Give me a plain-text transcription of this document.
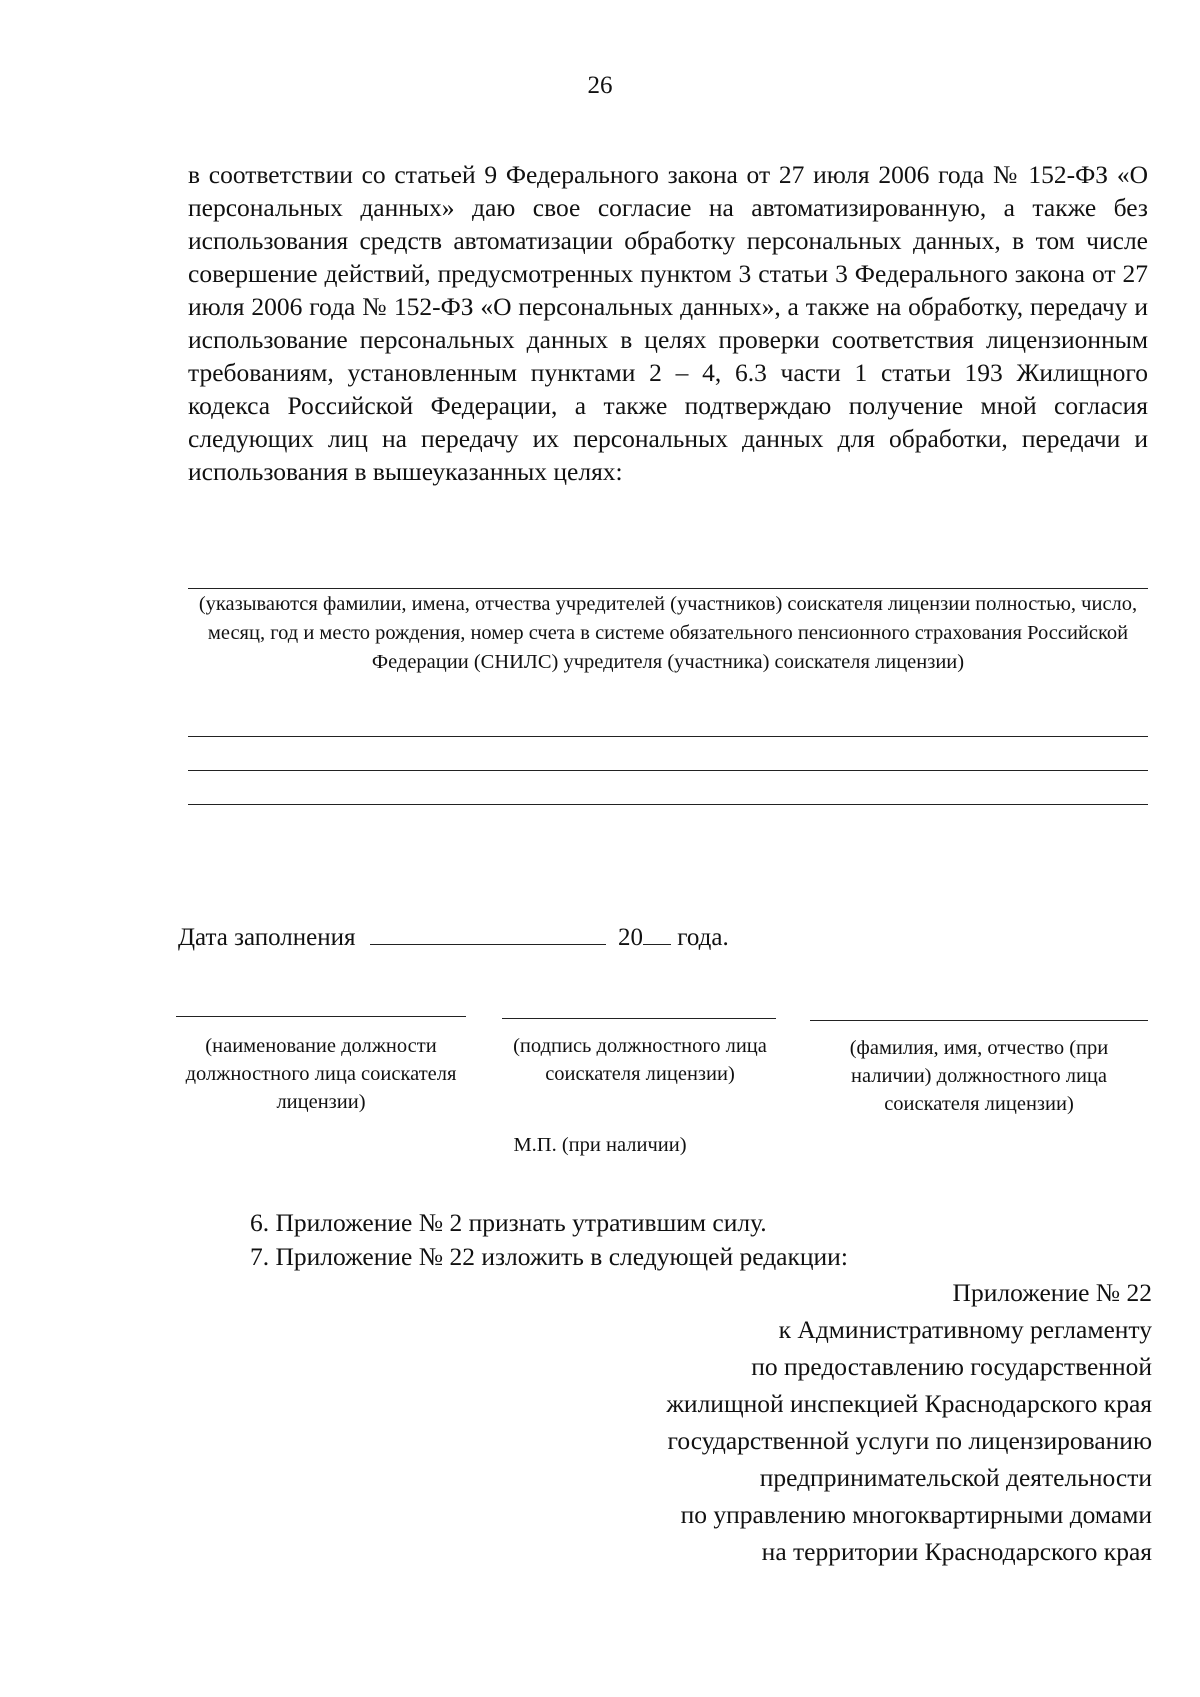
26
в соответствии со статьей 9 Федерального закона от 27 июля 2006 года № 152-ФЗ «О персональных данных» даю свое согласие на автоматизированную, а также без использования средств автоматизации обработку персональных данных, в том числе совершение действий, предусмотренных пунктом 3 статьи 3 Федерального закона от 27 июля 2006 года № 152-ФЗ «О персональных данных», а также на обработку, передачу и использование персональных данных в целях проверки соответствия лицензионным требованиям, установленным пунктами 2 – 4, 6.3 части 1 статьи 193 Жилищного кодекса Российской Федерации, а также подтверждаю получение мной согласия следующих лиц на передачу их персональных данных для обработки, передачи и использования в вышеуказанных целях:
(указываются фамилии, имена, отчества учредителей (участников) соискателя лицензии полностью, число, месяц, год и место рождения, номер счета в системе обязательного пенсионного страхования Российской Федерации (СНИЛС) учредителя (участника) соискателя лицензии)
Дата заполнения	20 года.
(наименование должности должностного лица соискателя лицензии)
(подпись должностного лица соискателя лицензии)
(фамилия, имя, отчество (при наличии) должностного лица соискателя лицензии)
М.П. (при наличии)
6. Приложение № 2 признать утратившим силу.
7. Приложение № 22 изложить в следующей редакции:
Приложение № 22
к Административному регламенту
по предоставлению государственной
жилищной инспекцией Краснодарского края
государственной услуги по лицензированию
предпринимательской деятельности
по управлению многоквартирными домами
на территории Краснодарского края
